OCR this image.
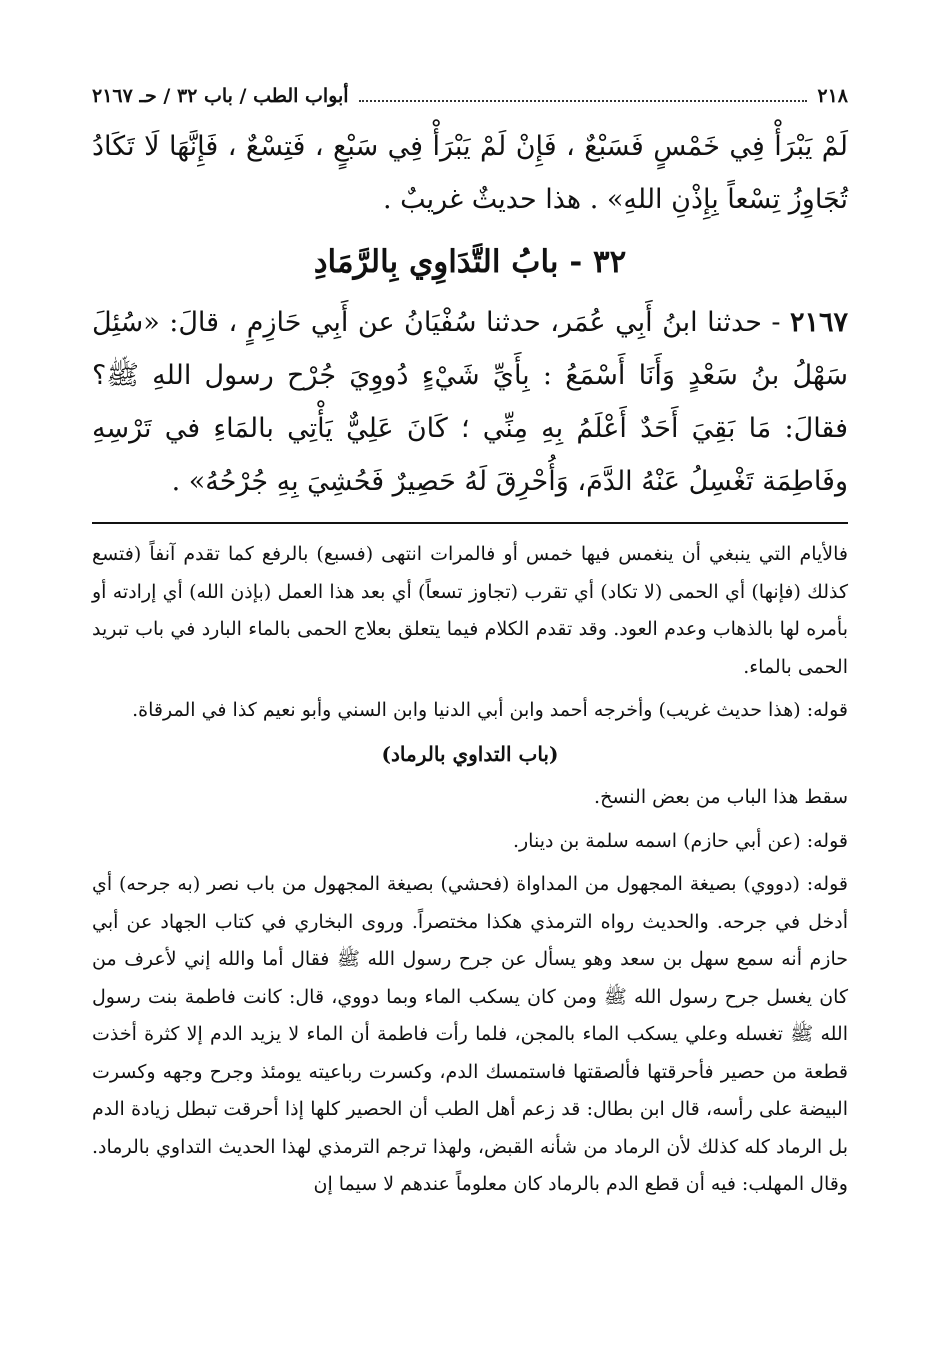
٢١٨
أبواب الطب / باب ٣٢ / حـ ٢١٦٧

لَمْ يَبْرَأْ فِي خَمْسٍ فَسَبْعٌ ، فَإِنْ لَمْ يَبْرَأْ فِي سَبْعٍ ، فَتِسْعٌ ، فَإِنَّهَا لَا تَكَادُ تُجَاوِزُ تِسْعاً بِإِذْنِ اللهِ» . هذا حديثٌ غريبٌ .

٣٢ - بابُ التَّدَاوِي بِالرَّمَادِ

٢١٦٧ - حدثنا ابنُ أَبِي عُمَر، حدثنا سُفْيَانُ عن أَبِي حَازِمٍ ، قالَ: «سُئِلَ سَهْلُ بنُ سَعْدٍ وَأَنَا أَسْمَعُ : بِأَيِّ شَيْءٍ دُووِيَ جُرْح رسول اللهِ ﷺ؟ فقالَ: مَا بَقِيَ أَحَدٌ أَعْلَمُ بِهِ مِنِّي ؛ كَانَ عَلِيٌّ يَأْتِي بالمَاءِ في تَرْسِهِ وفَاطِمَة تَغْسِلُ عَنْهُ الدَّمَ، وَأُحْرِقَ لَهُ حَصِيرٌ فَحُشِيَ بِهِ جُرْحُهُ» .

فالأيام التي ينبغي أن ينغمس فيها خمس أو فالمرات انتهى (فسبع) بالرفع كما تقدم آنفاً (فتسع كذلك (فإنها) أي الحمى (لا تكاد) أي تقرب (تجاوز تسعاً) أي بعد هذا العمل (بإذن الله) أي إرادته أو بأمره لها بالذهاب وعدم العود. وقد تقدم الكلام فيما يتعلق بعلاج الحمى بالماء البارد في باب تبريد الحمى بالماء.

قوله: (هذا حديث غريب) وأخرجه أحمد وابن أبي الدنيا وابن السني وأبو نعيم كذا في المرقاة.

(باب التداوي بالرماد)

سقط هذا الباب من بعض النسخ.

قوله: (عن أبي حازم) اسمه سلمة بن دينار.

قوله: (دووي) بصيغة المجهول من المداواة (فحشي) بصيغة المجهول من باب نصر (به جرحه) أي أدخل في جرحه. والحديث رواه الترمذي هكذا مختصراً. وروى البخاري في كتاب الجهاد عن أبي حازم أنه سمع سهل بن سعد وهو يسأل عن جرح رسول الله ﷺ فقال أما والله إني لأعرف من كان يغسل جرح رسول الله ﷺ ومن كان يسكب الماء وبما دووي، قال: كانت فاطمة بنت رسول الله ﷺ تغسله وعلي يسكب الماء بالمجن، فلما رأت فاطمة أن الماء لا يزيد الدم إلا كثرة أخذت قطعة من حصير فأحرقتها فألصقتها فاستمسك الدم، وكسرت رباعيته يومئذ وجرح وجهه وكسرت البيضة على رأسه، قال ابن بطال: قد زعم أهل الطب أن الحصير كلها إذا أحرقت تبطل زيادة الدم بل الرماد كله كذلك لأن الرماد من شأنه القبض، ولهذا ترجم الترمذي لهذا الحديث التداوي بالرماد. وقال المهلب: فيه أن قطع الدم بالرماد كان معلوماً عندهم لا سيما إن
